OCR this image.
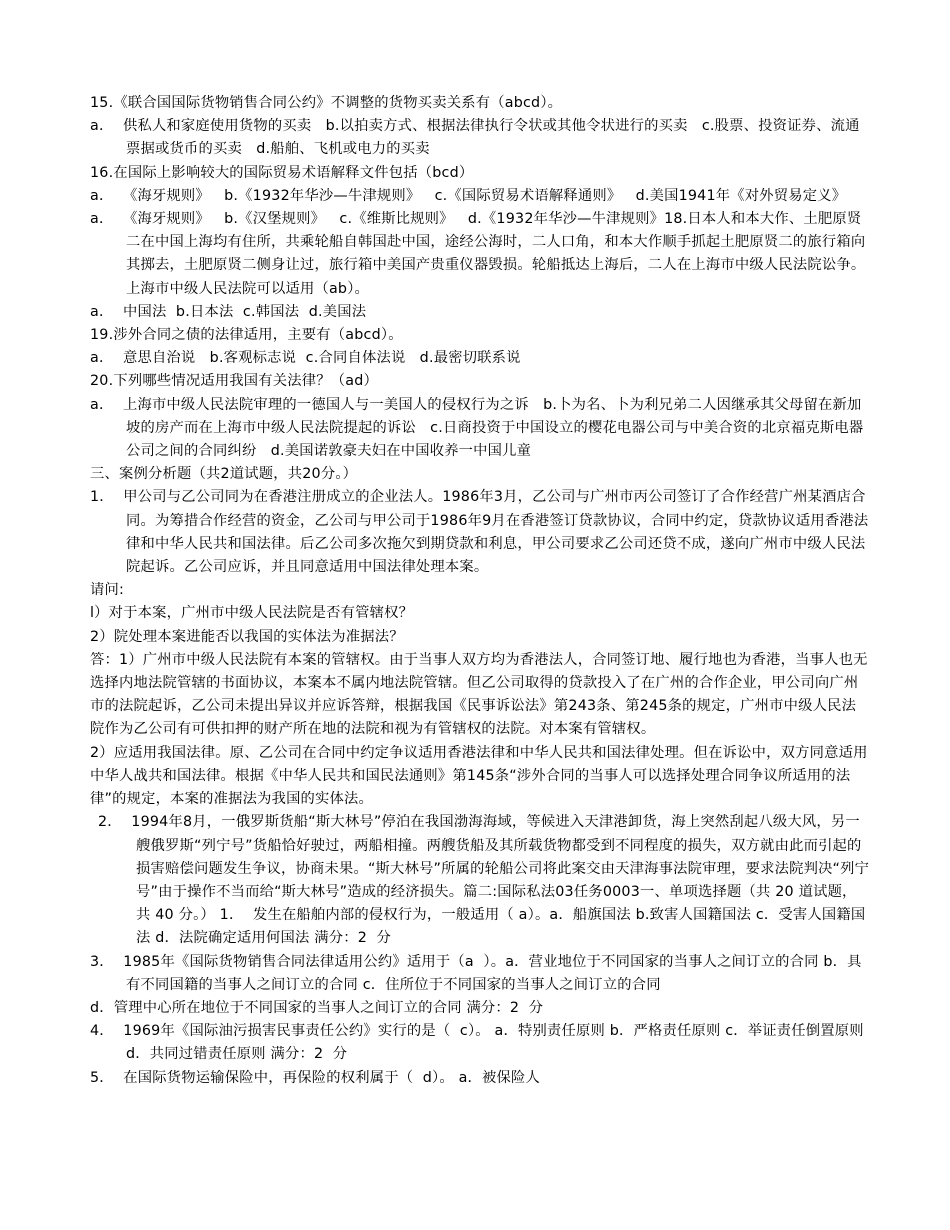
15.《联合国国际货物销售合同公约》不调整的货物买卖关系有（abcd）。

a．  供私人和家庭使用货物的买卖   b.以拍卖方式、根据法律执行令状或其他令状进行的买卖   c.股票、投资证券、流通票据或货币的买卖   d.船舶、飞机或电力的买卖

16.在国际上影响较大的国际贸易术语解释文件包括（bcd）

a．  《海牙规则》   b.《1932年华沙—牛津规则》   c.《国际贸易术语解释通则》   d.美国1941年《对外贸易定义》

a．  《海牙规则》   b.《汉堡规则》   c.《维斯比规则》   d.《1932年华沙—牛津规则》18.日本人和本大作、土肥原贤二在中国上海均有住所，共乘轮船自韩国赴中国，途经公海时，二人口角，和本大作顺手抓起土肥原贤二的旅行箱向其掷去，土肥原贤二侧身让过，旅行箱中美国产贵重仪器毁损。轮船抵达上海后，二人在上海市中级人民法院讼争。上海市中级人民法院可以适用（ab）。

a．  中国法  b.日本法  c.韩国法  d.美国法

19.涉外合同之债的法律适用，主要有（abcd）。

a．  意思自治说   b.客观标志说  c.合同自体法说   d.最密切联系说

20.下列哪些情况适用我国有关法律？（ad）

a．  上海市中级人民法院审理的一德国人与一美国人的侵权行为之诉   b.卜为名、卜为利兄弟二人因继承其父母留在新加坡的房产而在上海市中级人民法院提起的诉讼   c.日商投资于中国设立的樱花电器公司与中美合资的北京福克斯电器公司之间的合同纠纷   d.美国诺敦豪夫妇在中国收养一中国儿童

三、案例分析题（共2道试题，共20分。）

1．  甲公司与乙公司同为在香港注册成立的企业法人。1986年3月，乙公司与广州市丙公司签订了合作经营广州某酒店合同。为筹措合作经营的资金，乙公司与甲公司于1986年9月在香港签订贷款协议，合同中约定，贷款协议适用香港法律和中华人民共和国法律。后乙公司多次拖欠到期贷款和利息，甲公司要求乙公司还贷不成，遂向广州市中级人民法院起诉。乙公司应诉，并且同意适用中国法律处理本案。

请问:

l）对于本案，广州市中级人民法院是否有管辖权？

2）院处理本案进能否以我国的实体法为准据法？

答：1）广州市中级人民法院有本案的管辖权。由于当事人双方均为香港法人，合同签订地、履行地也为香港，当事人也无选择内地法院管辖的书面协议，本案本不属内地法院管辖。但乙公司取得的贷款投入了在广州的合作企业，甲公司向广州市的法院起诉，乙公司未提出异议并应诉答辩，根据我国《民事诉讼法》第243条、第245条的规定，广州市中级人民法院作为乙公司有可供扣押的财产所在地的法院和视为有管辖权的法院。对本案有管辖权。

2）应适用我国法律。原、乙公司在合同中约定争议适用香港法律和中华人民共和国法律处理。但在诉讼中，双方同意适用中华人战共和国法律。根据《中华人民共和国民法通则》第145条“涉外合同的当事人可以选择处理合同争议所适用的法律”的规定，本案的准据法为我国的实体法。

2．  1994年8月，一俄罗斯货船“斯大林号”停泊在我国渤海海域，等候进入天津港卸货，海上突然刮起八级大风，另一艘俄罗斯“列宁号”货船恰好驶过，两船相撞。两艘货船及其所载货物都受到不同程度的损失，双方就由此而引起的损害赔偿问题发生争议，协商未果。“斯大林号”所属的轮船公司将此案交由天津海事法院审理，要求法院判决“列宁号”由于操作不当而给“斯大林号”造成的经济损失。篇二:国际私法03任务0003一、单项选择题（共 20 道试题，共 40 分。） 1．  发生在船舶内部的侵权行为，一般适用（ a）。a．船旗国法 b.致害人国籍国法 c．受害人国籍国法 d．法院确定适用何国法 满分：2  分

3．  1985年《国际货物销售合同法律适用公约》适用于（a  ）。a．营业地位于不同国家的当事人之间订立的合同 b．具有不同国籍的当事人之间订立的合同 c．住所位于不同国家的当事人之间订立的合同

d．管理中心所在地位于不同国家的当事人之间订立的合同 满分：2  分

4．  1969年《国际油污损害民事责任公约》实行的是（  c）。 a．特别责任原则 b．严格责任原则 c．举证责任倒置原则 d．共同过错责任原则 满分：2  分

5．  在国际货物运输保险中，再保险的权利属于（  d）。 a．被保险人
